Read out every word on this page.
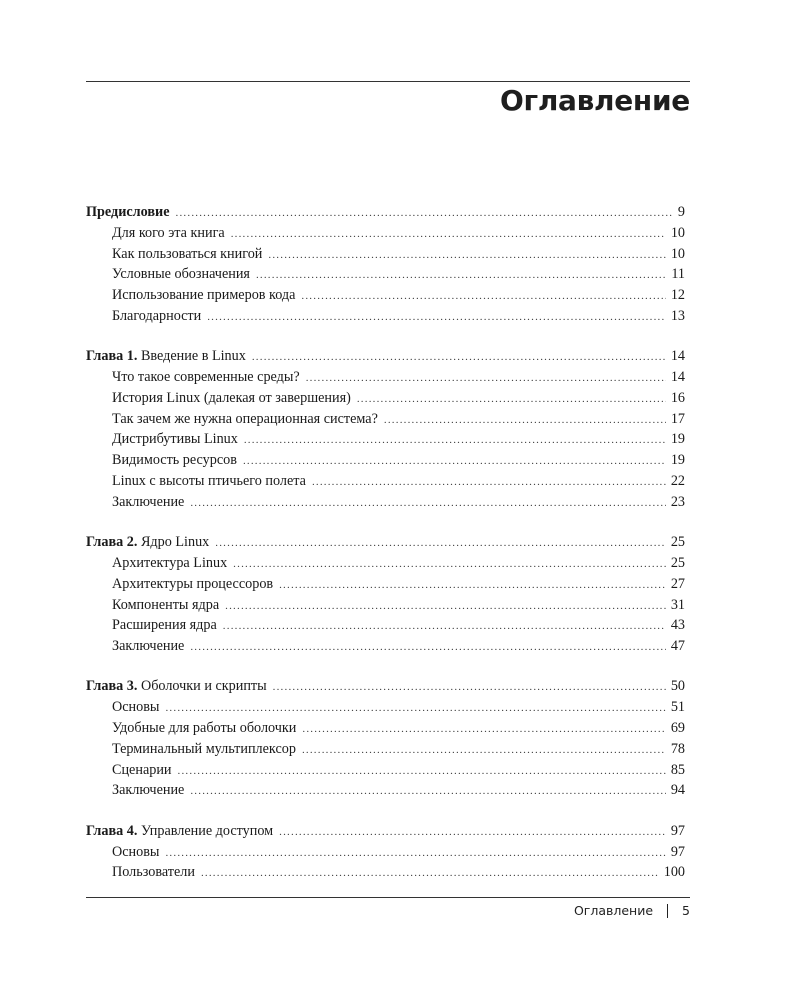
Оглавление
Предисловие .....	9
Для кого эта книга .....	10
Как пользоваться книгой .....	10
Условные обозначения .....	11
Использование примеров кода .....	12
Благодарности .....	13
Глава 1. Введение в Linux .....	14
Что такое современные среды? .....	14
История Linux (далекая от завершения) .....	16
Так зачем же нужна операционная система? .....	17
Дистрибутивы Linux .....	19
Видимость ресурсов .....	19
Linux с высоты птичьего полета .....	22
Заключение .....	23
Глава 2. Ядро Linux .....	25
Архитектура Linux .....	25
Архитектуры процессоров .....	27
Компоненты ядра .....	31
Расширения ядра .....	43
Заключение .....	47
Глава 3. Оболочки и скрипты .....	50
Основы .....	51
Удобные для работы оболочки .....	69
Терминальный мультиплексор .....	78
Сценарии .....	85
Заключение .....	94
Глава 4. Управление доступом .....	97
Основы .....	97
Пользователи .....	100
Оглавление 5
